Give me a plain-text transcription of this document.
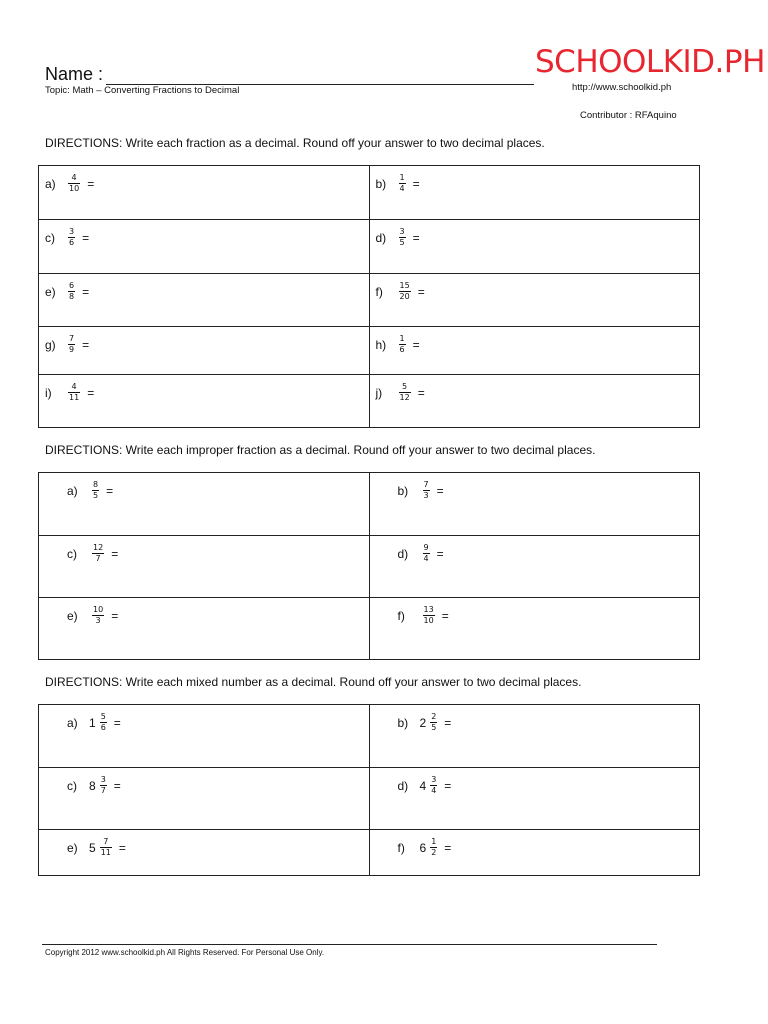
Name :
Topic: Math – Converting Fractions to Decimal
SCHOOLKID.PH
http://www.schoolkid.ph
Contributor : RFAquino
DIRECTIONS: Write each fraction as a decimal. Round off your answer to two decimal places.
$a) \frac{4}{10}$ =	$b) \frac{1}{4}$ =

$c) \frac{3}{6}$ =	$d) \frac{3}{5}$ =

$e) \frac{6}{8}$ =	$f) \frac{15}{20}$ =

$g) \frac{7}{9}$ =	$h) \frac{1}{6}$ =

$i) \frac{4}{11}$ =	$j) \frac{5}{12}$ =
DIRECTIONS: Write each improper fraction as a decimal. Round off your answer to two decimal places.
$a) \frac{8}{5}$ =	$b) \frac{7}{3}$ =

$c) \frac{12}{7}$ =	$d) \frac{9}{4}$ =

$e) \frac{10}{3}$ =	$f) \frac{13}{10}$ =
DIRECTIONS: Write each mixed number as a decimal. Round off your answer to two decimal places.
a) $1 \frac{5}{6}$ =	b) $2 \frac{2}{5}$ =

c) $8 \frac{3}{7}$ =	d) $4 \frac{3}{4}$ =

e) $5 \frac{7}{11}$ =	f) $6 \frac{1}{2}$ =
Copyright 2012 www.schoolkid.ph All Rights Reserved. For Personal Use Only.
